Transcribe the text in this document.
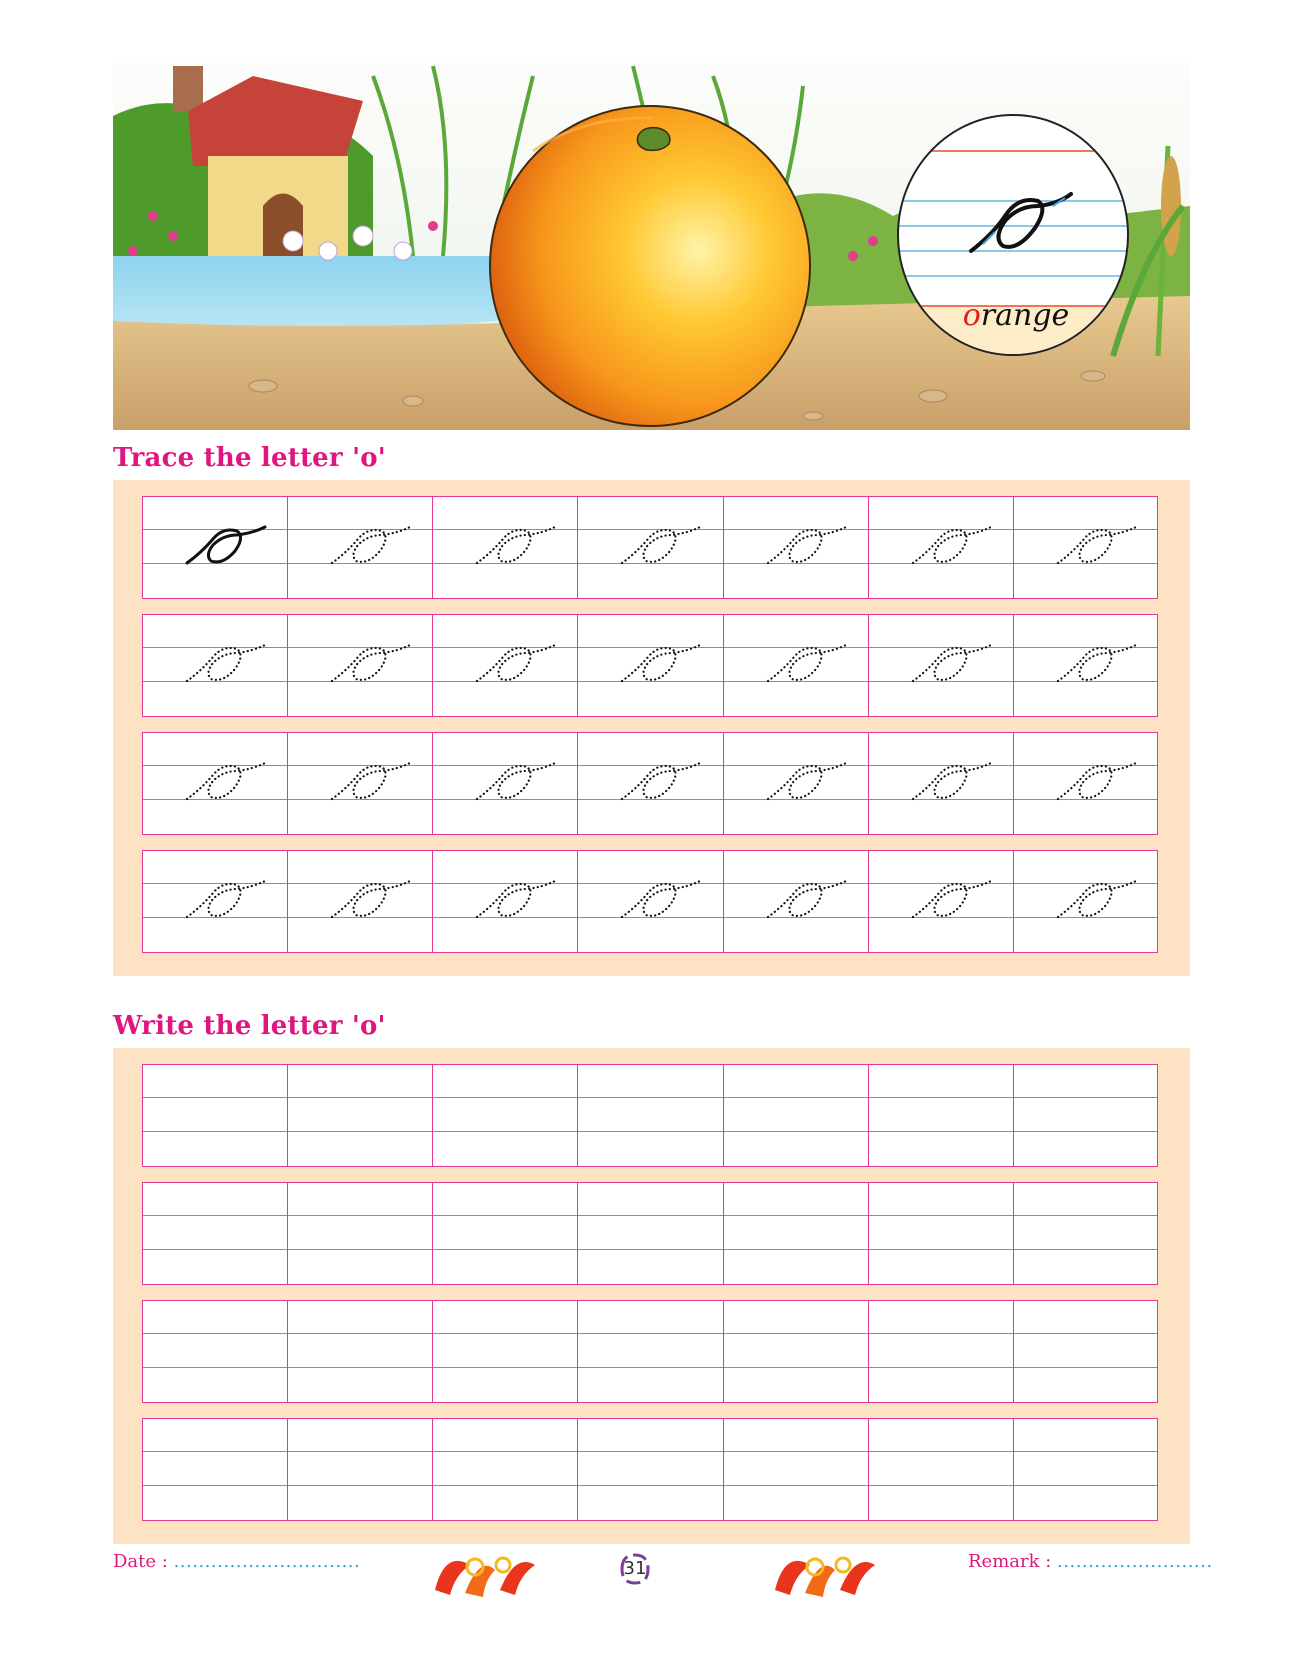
orange
Trace the letter 'o'
Write the letter 'o'
Date : ..............................	31	Remark : .........................
